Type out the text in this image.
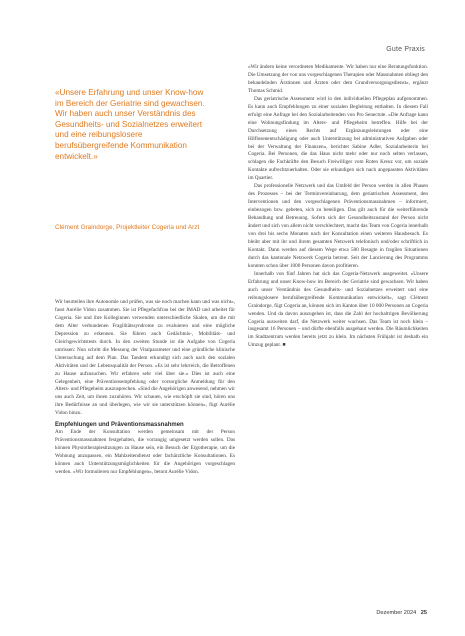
Gute Praxis
«Unsere Erfahrung und unser Know-how im Bereich der Geriatrie sind gewachsen. Wir haben auch unser Verständnis des Gesundheits- und Sozialnetzes erweitert und eine reibungslosere berufsübergreifende Kommunikation entwickelt.»
Clément Graindorge, Projektleiter Cogeria und Arzt

Wir beurteilen ihre Autonomie und prüfen, was sie noch machen kann und was nicht», fasst Aurélie Vidon zusammen. Sie ist Pflegefachfrau bei der IMAD und arbeitet für Cogeria. Sie und ihre Kolleginnen verwenden unterschiedliche Skalen, um die mit dem Alter verbundenen Fragilitätssyndrome zu evaluieren und eine mögliche Depression zu erkennen. Sie führen auch Gedächtnis-, Mobilitäts- und Gleichgewichtstests durch. In den zweiten Stunde ist die Aufgabe von Cogeria umrissen: Nun schritt die Messung der Vitalparameter und eine gründliche klinische Untersuchung auf dem Plan. Das Tandem erkundigt sich auch nach den sozialen Aktivitäten und der Lebensqualität der Person. «Es ist sehr lehrreich, die Betroffenen zu Hause aufzusuchen. Wir erfahren sehr viel über sie.» Dies ist auch eine Gelegenheit, eine Präventionsempfehlung oder vorsorgliche Anmeldung für den Alters- und Pflegeheim auszusprechen. «Sind die Angehörigen anwesend, nehmen wir uns auch Zeit, um ihnen zuzuhören. Wir schauen, wie erschöpft sie sind, hören uns ihre Bedürfnisse an und überlegen, wie wir sie unterstützen können», fügt Aurélie Vidon hinzu.

Empfehlungen und Präventionsmassnahmen

Am Ende der Konsultation werden gemeinsam mit der Person Präventionsmassnahmen festgehalten, die vorrangig umgesetzt werden sollen. Das können Physiotherapiesitzungen zu Hause sein, ein Besuch der Ergotherapie, um die Wohnung anzupassen, ein Mahlzeitendienst oder fachärztliche Konsultationen. Es können auch Unterstützungsmöglichkeiten für die Angehörigen vorgeschlagen werden. «Wir formulieren nur Empfehlungen», betont Aurélie Vidon.

«Wir ändern keine verordneten Medikamente. Wir haben nur eine Beratungsfunktion. Die Umsetzung der von uns vorgeschlagenen Therapien oder Massnahmen obliegt den behandelnden Ärztinnen und Ärzten oder dem Grundversorgungsdienst», ergänzt Thomas Schmid.

Das geriatrische Assessment wird in den individuellen Pflegeplan aufgenommen. Es kann auch Empfehlungen zu einer sozialen Begleitung enthalten. In diesem Fall erfolgt eine Anfrage bei den Sozialarbeitenden von Pro Senectute. «Die Anfrage kann eine Wohnungsfindung im Alters- und Pflegeheim betreffen. Hilfe bei der Durchsetzung eines Rechts auf Ergänzungsleistungen oder eine Hilflosenentschädigung oder auch Unterstützung bei administrativen Aufgaben oder bei der Verwaltung der Finanzen», berichtet Sabine Adler, Sozialarbeiterin bei Cogeria. Bei Personen, die das Haus nicht mehr oder nur noch selten verlassen, schlagen die Fachkräfte den Besuch Freiwilliger vom Roten Kreuz vor, um soziale Kontakte aufrechtzuerhalten. Oder sie erkundigen sich nach angepassten Aktivitäten im Quartier.

Das professionelle Netzwerk und das Umfeld der Person werden in allen Phasen des Prozesses – bei der Terminvereinbarung, dem geriatrischen Assessment, den Interventionen und den vorgeschlagenen Präventionsmassnahmen – informiert, einbezogen bzw. gebeten, sich zu beteiligen. Das gilt auch für die weiterführende Behandlung und Betreuung. Sofern sich der Gesundheitszustand der Person nicht ändert und sich von allem nicht verschlechtert, macht das Team von Cogeria innerhalb von drei bis sechs Monaten nach der Konsultation einen weiteren Hausbesuch. Es bleibt aber mit ihr und ihrem gesamten Netzwerk telefonisch und/oder schriftlich in Kontakt. Dann werden auf diesem Wege etwa 500 Besagte in fragilen Situationen durch das kantonale Netzwerk Cogeria betreut. Seit der Lancierung des Programms konnten schon über 1000 Personen davon profitieren.

Innerhalb von fünf Jahren hat sich das Cogeria-Netzwerk ausgeweitet. «Unsere Erfahrung und unser Know-how im Bereich der Geriatrie sind gewachsen. Wir haben auch unser Verständnis des Gesundheits- und Sozialnetzes erweitert und eine reibungslosere berufsübergreifende Kommunikation entwickelt», sagt Clément Graindorge, fügt Cogeria an, können sich im Kanton über 10 000 Personen an Cogeria wenden. Und da davon auszugehen ist, dass die Zahl der hochaltrigen Bevölkerung Cogeria ausweiten darf, die Netzwerk weiter wachsen. Das Team ist noch klein – insgesamt 16 Personen – und dürfte ebenfalls ausgebaut werden. Die Räumlichkeiten im Stadtzentrum werden bereits jetzt zu klein. Im nächsten Frühjahr ist deshalb ein Umzug geplant. ■

Dezember 2024 25
